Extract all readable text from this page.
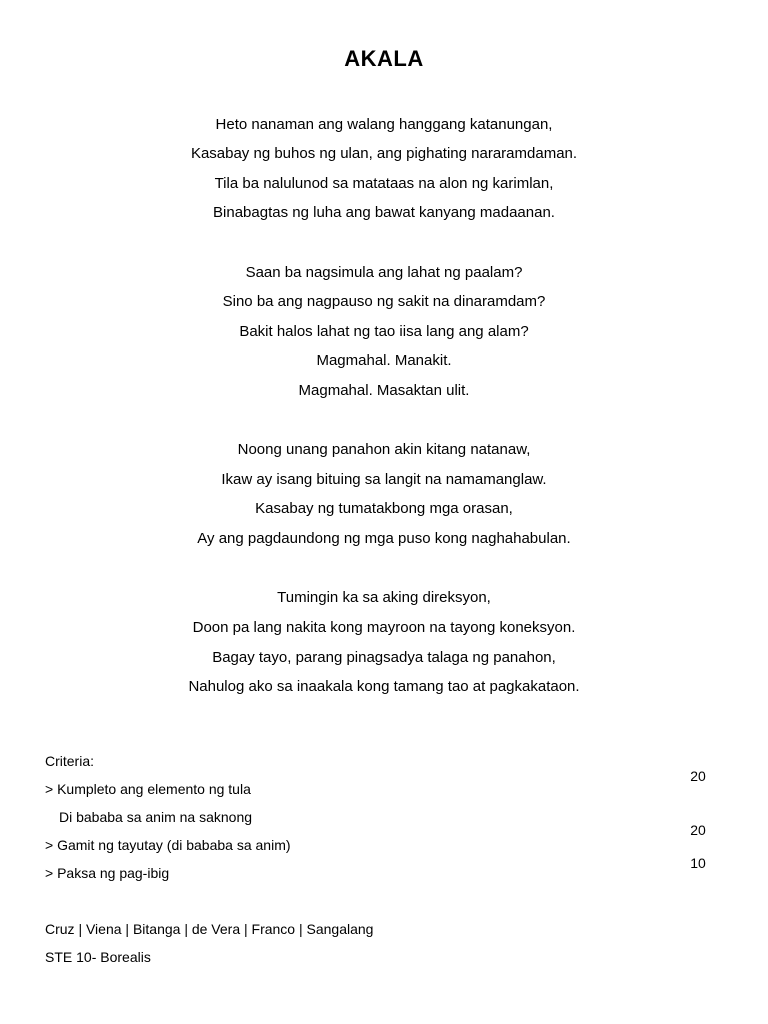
AKALA
Heto nanaman ang walang hanggang katanungan,
Kasabay ng buhos ng ulan, ang pighating nararamdaman.
Tila ba nalulunod sa matataas na alon ng karimlan,
Binabagtas ng luha ang bawat kanyang madaanan.
Saan ba nagsimula ang lahat ng paalam?
Sino ba ang nagpauso ng sakit na dinaramdam?
Bakit halos lahat ng tao iisa lang ang alam?
Magmahal. Manakit.
Magmahal. Masaktan ulit.
Noong unang panahon akin kitang natanaw,
Ikaw ay isang bituing sa langit na namamanglaw.
Kasabay ng tumatakbong mga orasan,
Ay ang pagdaundong ng mga puso kong naghahabulan.
Tumingin ka sa aking direksyon,
Doon pa lang nakita kong mayroon na tayong koneksyon.
Bagay tayo, parang pinagsadya talaga ng panahon,
Nahulog ako sa inaakala kong tamang tao at pagkakataon.
Criteria:
> Kumpleto ang elemento ng tula
Di bababa sa anim na saknong
> Gamit ng tayutay (di bababa sa anim)
> Paksa ng pag-ibig
20
20
10
Cruz | Viena | Bitanga | de Vera | Franco | Sangalang
STE 10- Borealis
